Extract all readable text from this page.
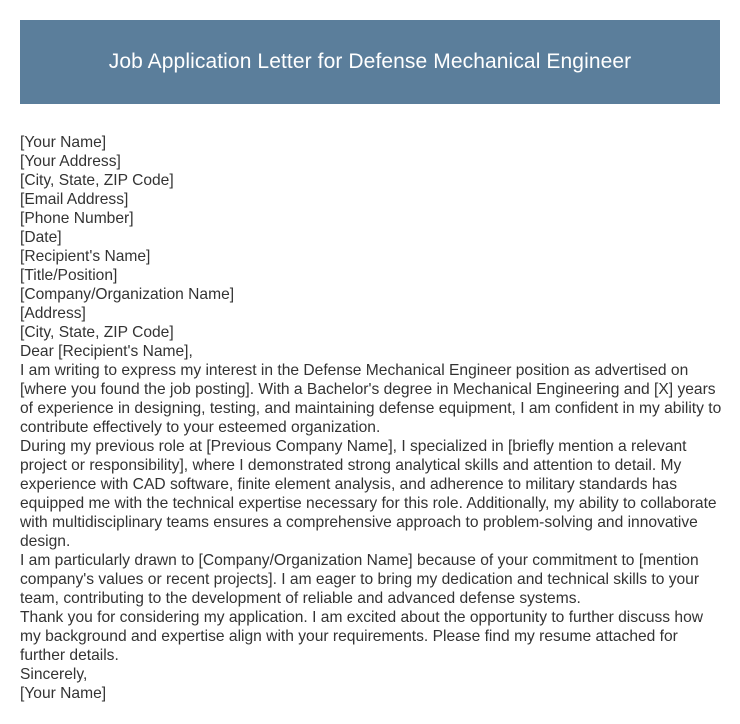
Job Application Letter for Defense Mechanical Engineer
[Your Name]
[Your Address]
[City, State, ZIP Code]
[Email Address]
[Phone Number]
[Date]
[Recipient's Name]
[Title/Position]
[Company/Organization Name]
[Address]
[City, State, ZIP Code]
Dear [Recipient's Name],

I am writing to express my interest in the Defense Mechanical Engineer position as advertised on [where you found the job posting]. With a Bachelor's degree in Mechanical Engineering and [X] years of experience in designing, testing, and maintaining defense equipment, I am confident in my ability to contribute effectively to your esteemed organization.

During my previous role at [Previous Company Name], I specialized in [briefly mention a relevant project or responsibility], where I demonstrated strong analytical skills and attention to detail. My experience with CAD software, finite element analysis, and adherence to military standards has equipped me with the technical expertise necessary for this role. Additionally, my ability to collaborate with multidisciplinary teams ensures a comprehensive approach to problem-solving and innovative design.

I am particularly drawn to [Company/Organization Name] because of your commitment to [mention company's values or recent projects]. I am eager to bring my dedication and technical skills to your team, contributing to the development of reliable and advanced defense systems.

Thank you for considering my application. I am excited about the opportunity to further discuss how my background and expertise align with your requirements. Please find my resume attached for further details.

Sincerely,
[Your Name]
